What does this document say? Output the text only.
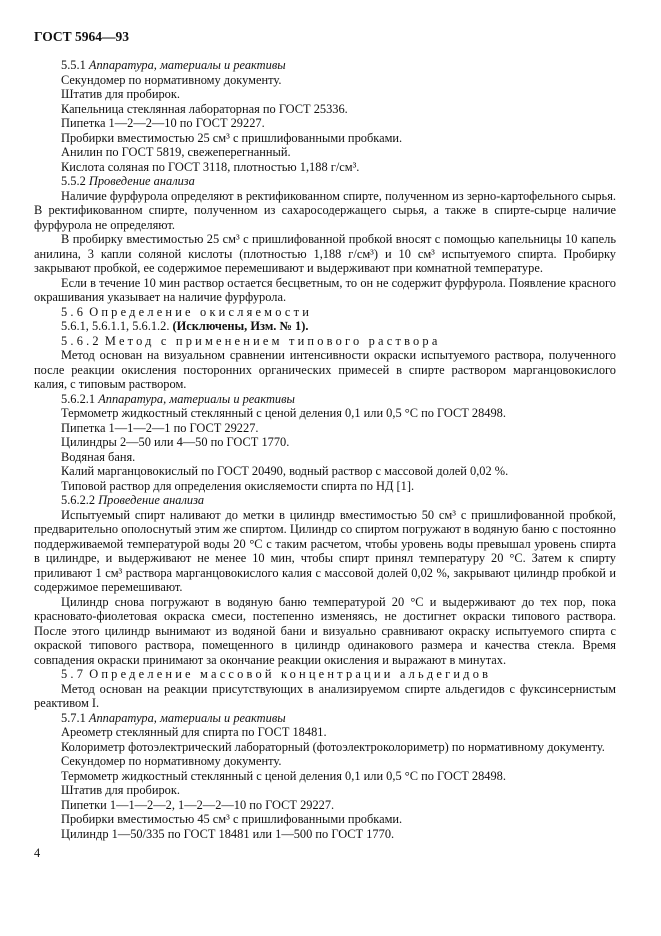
ГОСТ 5964—93

5.5.1 Аппаратура, материалы и реактивы

Секундомер по нормативному документу.

Штатив для пробирок.

Капельница стеклянная лабораторная по ГОСТ 25336.

Пипетка 1—2—2—10 по ГОСТ 29227.

Пробирки вместимостью 25 см³ с пришлифованными пробками.

Анилин по ГОСТ 5819, свежеперегнанный.

Кислота соляная по ГОСТ 3118, плотностью 1,188 г/см³.

5.5.2 Проведение анализа

Наличие фурфурола определяют в ректификованном спирте, полученном из зерно-картофельного сырья. В ректификованном спирте, полученном из сахаросодержащего сырья, а также в спирте-сырце наличие фурфурола не определяют.

В пробирку вместимостью 25 см³ с пришлифованной пробкой вносят с помощью капельницы 10 капель анилина, 3 капли соляной кислоты (плотностью 1,188 г/см³) и 10 см³ испытуемого спирта. Пробирку закрывают пробкой, ее содержимое перемешивают и выдерживают при комнатной температуре.

Если в течение 10 мин раствор остается бесцветным, то он не содержит фурфурола. Появление красного окрашивания указывает на наличие фурфурола.

5.6 Определение окисляемости

5.6.1, 5.6.1.1, 5.6.1.2. (Исключены, Изм. № 1).

5.6.2 Метод с применением типового раствора

Метод основан на визуальном сравнении интенсивности окраски испытуемого раствора, полученного после реакции окисления посторонних органических примесей в спирте раствором марганцовокислого калия, с типовым раствором.

5.6.2.1 Аппаратура, материалы и реактивы

Термометр жидкостный стеклянный с ценой деления 0,1 или 0,5 °С по ГОСТ 28498.

Пипетка 1—1—2—1 по ГОСТ 29227.

Цилиндры 2—50 или 4—50 по ГОСТ 1770.

Водяная баня.

Калий марганцовокислый по ГОСТ 20490, водный раствор с массовой долей 0,02 %.

Типовой раствор для определения окисляемости спирта по НД [1].

5.6.2.2 Проведение анализа

Испытуемый спирт наливают до метки в цилиндр вместимостью 50 см³ с пришлифованной пробкой, предварительно ополоснутый этим же спиртом. Цилиндр со спиртом погружают в водяную баню с постоянно поддерживаемой температурой воды 20 °С с таким расчетом, чтобы уровень воды превышал уровень спирта в цилиндре, и выдерживают не менее 10 мин, чтобы спирт принял температуру 20 °С. Затем к спирту приливают 1 см³ раствора марганцовокислого калия с массовой долей 0,02 %, закрывают цилиндр пробкой и содержимое перемешивают.

Цилиндр снова погружают в водяную баню температурой 20 °С и выдерживают до тех пор, пока красновато-фиолетовая окраска смеси, постепенно изменяясь, не достигнет окраски типового раствора. После этого цилиндр вынимают из водяной бани и визуально сравнивают окраску испытуемого спирта с окраской типового раствора, помещенного в цилиндр одинакового размера и качества стекла. Время совпадения окраски принимают за окончание реакции окисления и выражают в минутах.

5.7 Определение массовой концентрации альдегидов

Метод основан на реакции присутствующих в анализируемом спирте альдегидов с фуксинсернистым реактивом I.

5.7.1 Аппаратура, материалы и реактивы

Ареометр стеклянный для спирта по ГОСТ 18481.

Колориметр фотоэлектрический лабораторный (фотоэлектроколориметр) по нормативному документу.

Секундомер по нормативному документу.

Термометр жидкостный стеклянный с ценой деления 0,1 или 0,5 °С по ГОСТ 28498.

Штатив для пробирок.

Пипетки 1—1—2—2, 1—2—2—10 по ГОСТ 29227.

Пробирки вместимостью 45 см³ с пришлифованными пробками.

Цилиндр 1—50/335 по ГОСТ 18481 или 1—500 по ГОСТ 1770.

4
